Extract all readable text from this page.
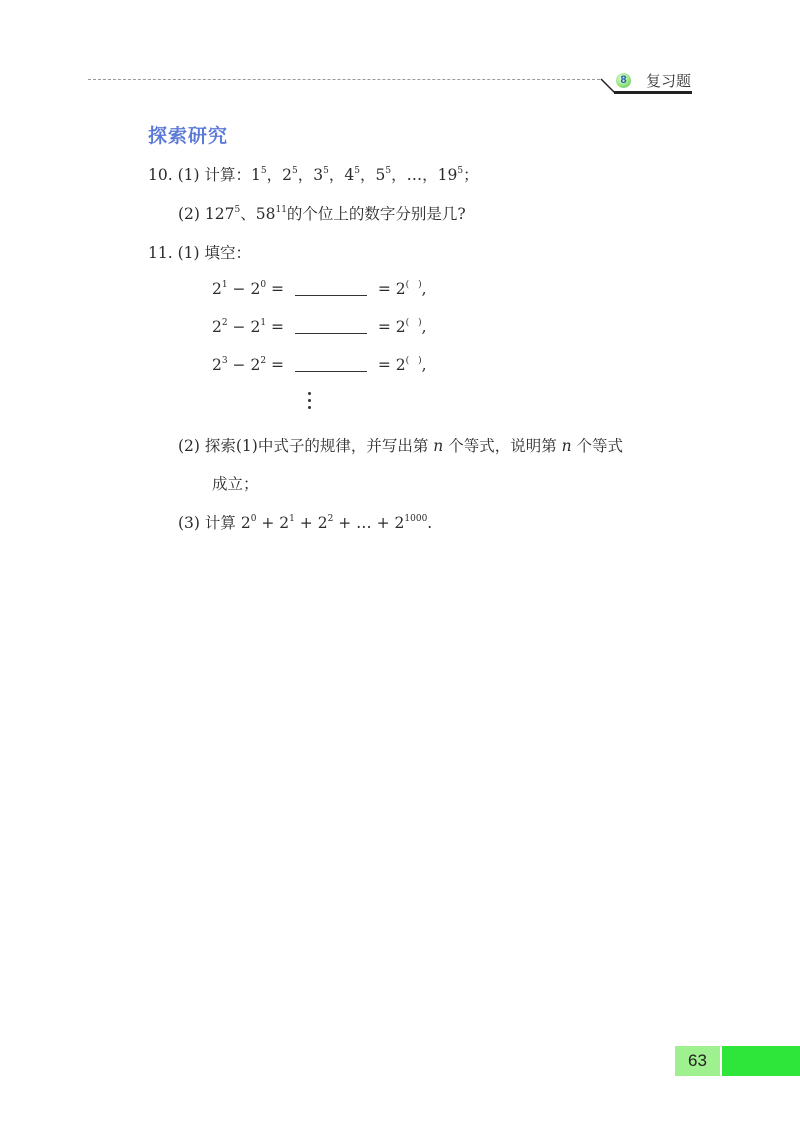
8 复习题
探索研究
10. (1) 计算：$1^5$，$2^5$，$3^5$，$4^5$，$5^5$，…，$19^5$；
(2) $127^5$、$58^{11}$的个位上的数字分别是几?
11. (1) 填空：
$2^1 - 2^0$ =	= 2(　),
$2^2 - 2^1$ =	= 2(　),
$2^3 - 2^2$ =	= 2(　),
(2) 探索(1)中式子的规律，并写出第 n 个等式，说明第 n 个等式
成立；
(3) 计算 $2^0 + 2^1 + 2^2$ + … + $2^{1000}$.
63
